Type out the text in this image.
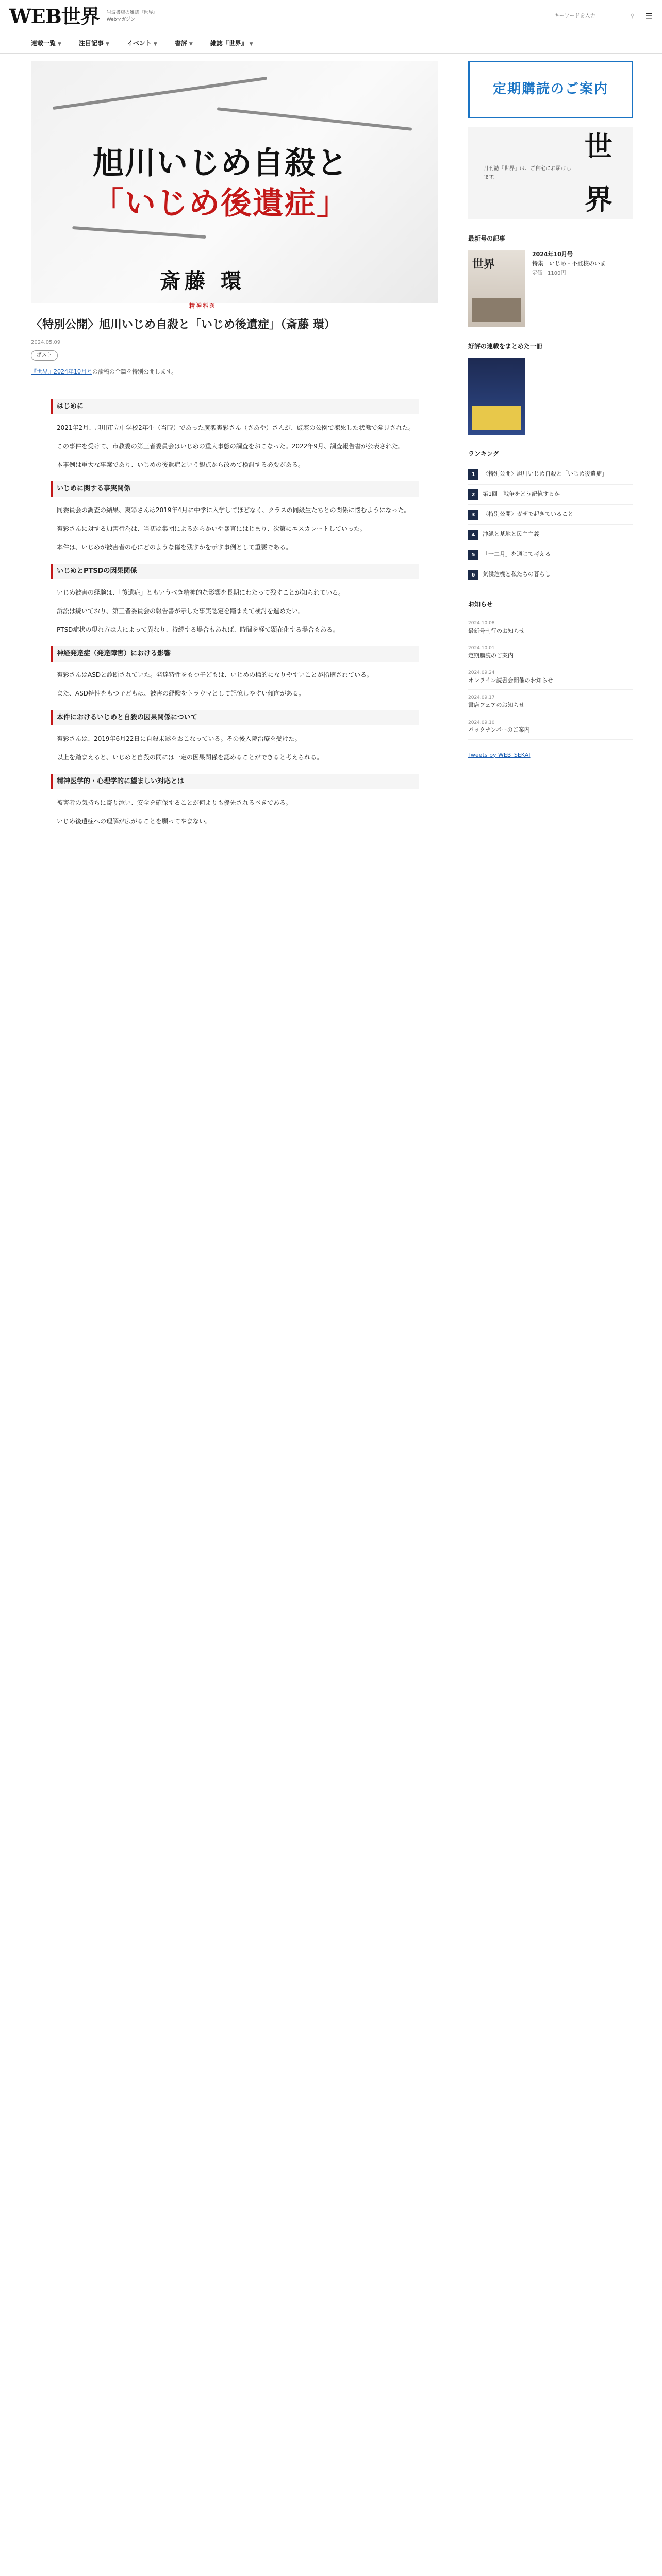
WEB世界 岩波書店の雑誌『世界』
Webマガジン
キーワードを入力
⚲ ☰
連載一覧 ▼	注目記事 ▼	イベント ▼	書評 ▼	雑誌『世界』 ▼
旭川いじめ自殺と
「いじめ後遺症」
斎藤 環
精神科医
〈特別公開〉旭川いじめ自殺と「いじめ後遺症」（斎藤 環）
2024.05.09
ポスト
『世界』2024年10月号の論稿の全篇を特別公開します。
はじめに

2021年2月、旭川市立中学校2年生（当時）であった廣瀬爽彩さん（さあや）さんが、厳寒の公園で凍死した状態で発見された。

この事件を受けて、市教委の第三者委員会はいじめの重大事態の調査をおこなった。2022年9月、調査報告書が公表された。

本事例は重大な事案であり、いじめの後遺症という観点から改めて検討する必要がある。

いじめに関する事実関係

同委員会の調査の結果、爽彩さんは2019年4月に中学に入学してほどなく、クラスの同級生たちとの関係に悩むようになった。

爽彩さんに対する加害行為は、当初は集団によるからかいや暴言にはじまり、次第にエスカレートしていった。

本件は、いじめが被害者の心にどのような傷を残すかを示す事例として重要である。

いじめとPTSDの因果関係

いじめ被害の経験は、「後遺症」ともいうべき精神的な影響を長期にわたって残すことが知られている。

訴訟は続いており、第三者委員会の報告書が示した事実認定を踏まえて検討を進めたい。

PTSD症状の現れ方は人によって異なり、持続する場合もあれば、時間を経て顕在化する場合もある。

神経発達症（発達障害）における影響

爽彩さんはASDと診断されていた。発達特性をもつ子どもは、いじめの標的になりやすいことが指摘されている。

また、ASD特性をもつ子どもは、被害の経験をトラウマとして記憶しやすい傾向がある。

本件におけるいじめと自殺の因果関係について

爽彩さんは、2019年6月22日に自殺未遂をおこなっている。その後入院治療を受けた。

以上を踏まえると、いじめと自殺の間には一定の因果関係を認めることができると考えられる。

精神医学的・心理学的に望ましい対応とは

被害者の気持ちに寄り添い、安全を確保することが何よりも優先されるべきである。

いじめ後遺症への理解が広がることを願ってやまない。

定期購読のご案内
月刊誌『世界』は、ご自宅にお届けします。
世界
最新号の記事
世界
2024年10月号
特集　いじめ・不登校のいま
定価　1100円
好評の連載をまとめた一冊
ランキング
1	〈特別公開〉旭川いじめ自殺と「いじめ後遺症」
2	第1回　戦争をどう記憶するか
3	〈特別公開〉ガザで起きていること
4	沖縄と基地と民主主義
5	「一二月」を通じて考える
6	気候危機と私たちの暮らし
お知らせ
2024.10.08
最新号刊行のお知らせ
2024.10.01
定期購読のご案内
2024.09.24
オンライン読書会開催のお知らせ
2024.09.17
書店フェアのお知らせ
2024.09.10
バックナンバーのご案内
Tweets by WEB_SEKAI
